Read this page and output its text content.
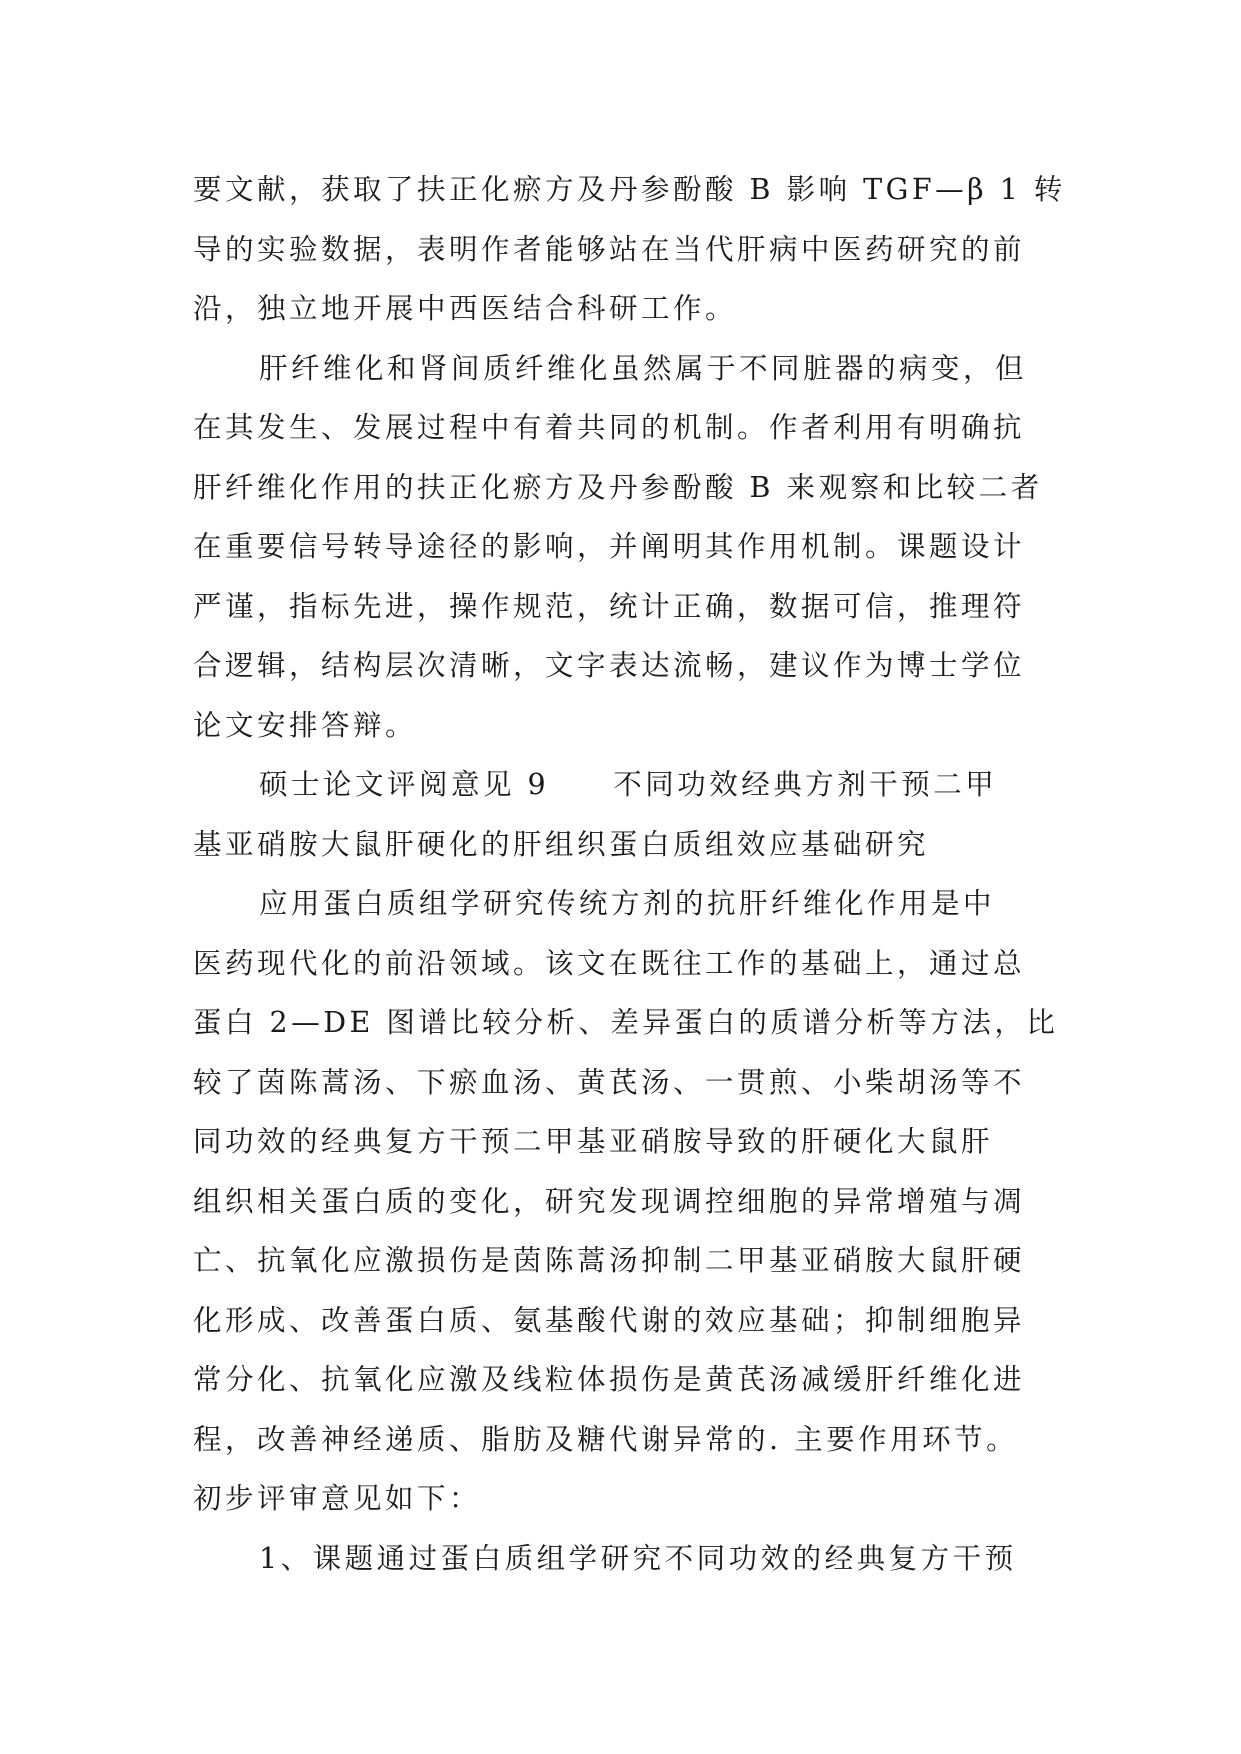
要文献，获取了扶正化瘀方及丹参酚酸 B 影响 TGF—β 1 转
导的实验数据，表明作者能够站在当代肝病中医药研究的前
沿，独立地开展中西医结合科研工作。
肝纤维化和肾间质纤维化虽然属于不同脏器的病变，但
在其发生、发展过程中有着共同的机制。作者利用有明确抗
肝纤维化作用的扶正化瘀方及丹参酚酸 B 来观察和比较二者
在重要信号转导途径的影响，并阐明其作用机制。课题设计
严谨，指标先进，操作规范，统计正确，数据可信，推理符
合逻辑，结构层次清晰，文字表达流畅，建议作为博士学位
论文安排答辩。
硕士论文评阅意见 9　　不同功效经典方剂干预二甲
基亚硝胺大鼠肝硬化的肝组织蛋白质组效应基础研究
应用蛋白质组学研究传统方剂的抗肝纤维化作用是中
医药现代化的前沿领域。该文在既往工作的基础上，通过总
蛋白 2—DE 图谱比较分析、差异蛋白的质谱分析等方法，比
较了茵陈蒿汤、下瘀血汤、黄芪汤、一贯煎、小柴胡汤等不
同功效的经典复方干预二甲基亚硝胺导致的肝硬化大鼠肝
组织相关蛋白质的变化，研究发现调控细胞的异常增殖与凋
亡、抗氧化应激损伤是茵陈蒿汤抑制二甲基亚硝胺大鼠肝硬
化形成、改善蛋白质、氨基酸代谢的效应基础；抑制细胞异
常分化、抗氧化应激及线粒体损伤是黄芪汤减缓肝纤维化进
程，改善神经递质、脂肪及糖代谢异常的. 主要作用环节。
初步评审意见如下：
1、课题通过蛋白质组学研究不同功效的经典复方干预
